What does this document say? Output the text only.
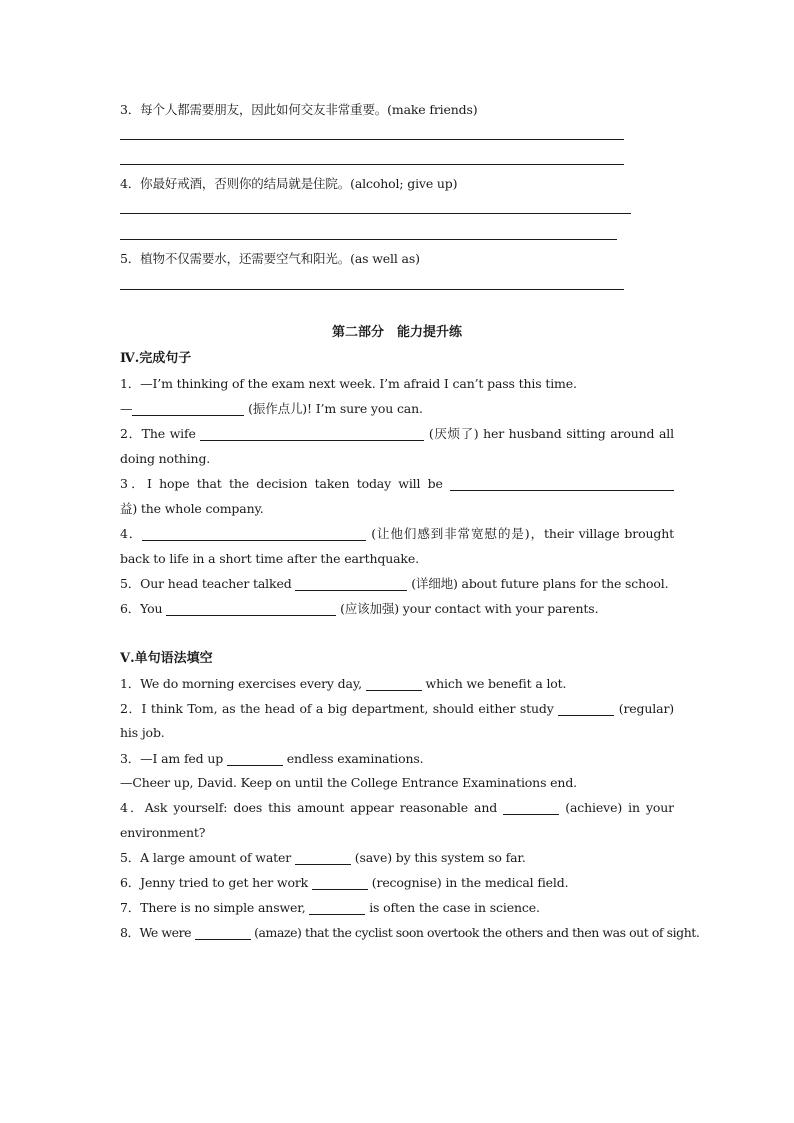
3．每个人都需要朋友，因此如何交友非常重要。(make friends)
4．你最好戒酒，否则你的结局就是住院。(alcohol; give up)
5．植物不仅需要水，还需要空气和阳光。(as well as)
第二部分　能力提升练
Ⅳ.完成句子
1．—I’m thinking of the exam next week. I’m afraid I can’t pass this time.
—	(振作点儿)! I’m sure you can.
2．The wife	(厌烦了) her husband sitting around all
doing nothing.
3．I hope that the decision taken today will be
益) the whole company.
4．	(让他们感到非常宽慰的是)，their village brought
back to life in a short time after the earthquake.
5．Our head teacher talked	(详细地) about future plans for the school.
6．You	(应该加强) your contact with your parents.
Ⅴ.单句语法填空
1．We do morning exercises every day,	which we benefit a lot.
2．I think Tom, as the head of a big department, should either study	(regular)
his job.
3．—I am fed up	endless examinations.
—Cheer up, David. Keep on until the College Entrance Examinations end.
4．Ask yourself: does this amount appear reasonable and	(achieve) in your
environment?
5．A large amount of water	(save) by this system so far.
6．Jenny tried to get her work	(recognise) in the medical field.
7．There is no simple answer,	is often the case in science.
8．We were	(amaze) that the cyclist soon overtook the others and then was out of sight.
